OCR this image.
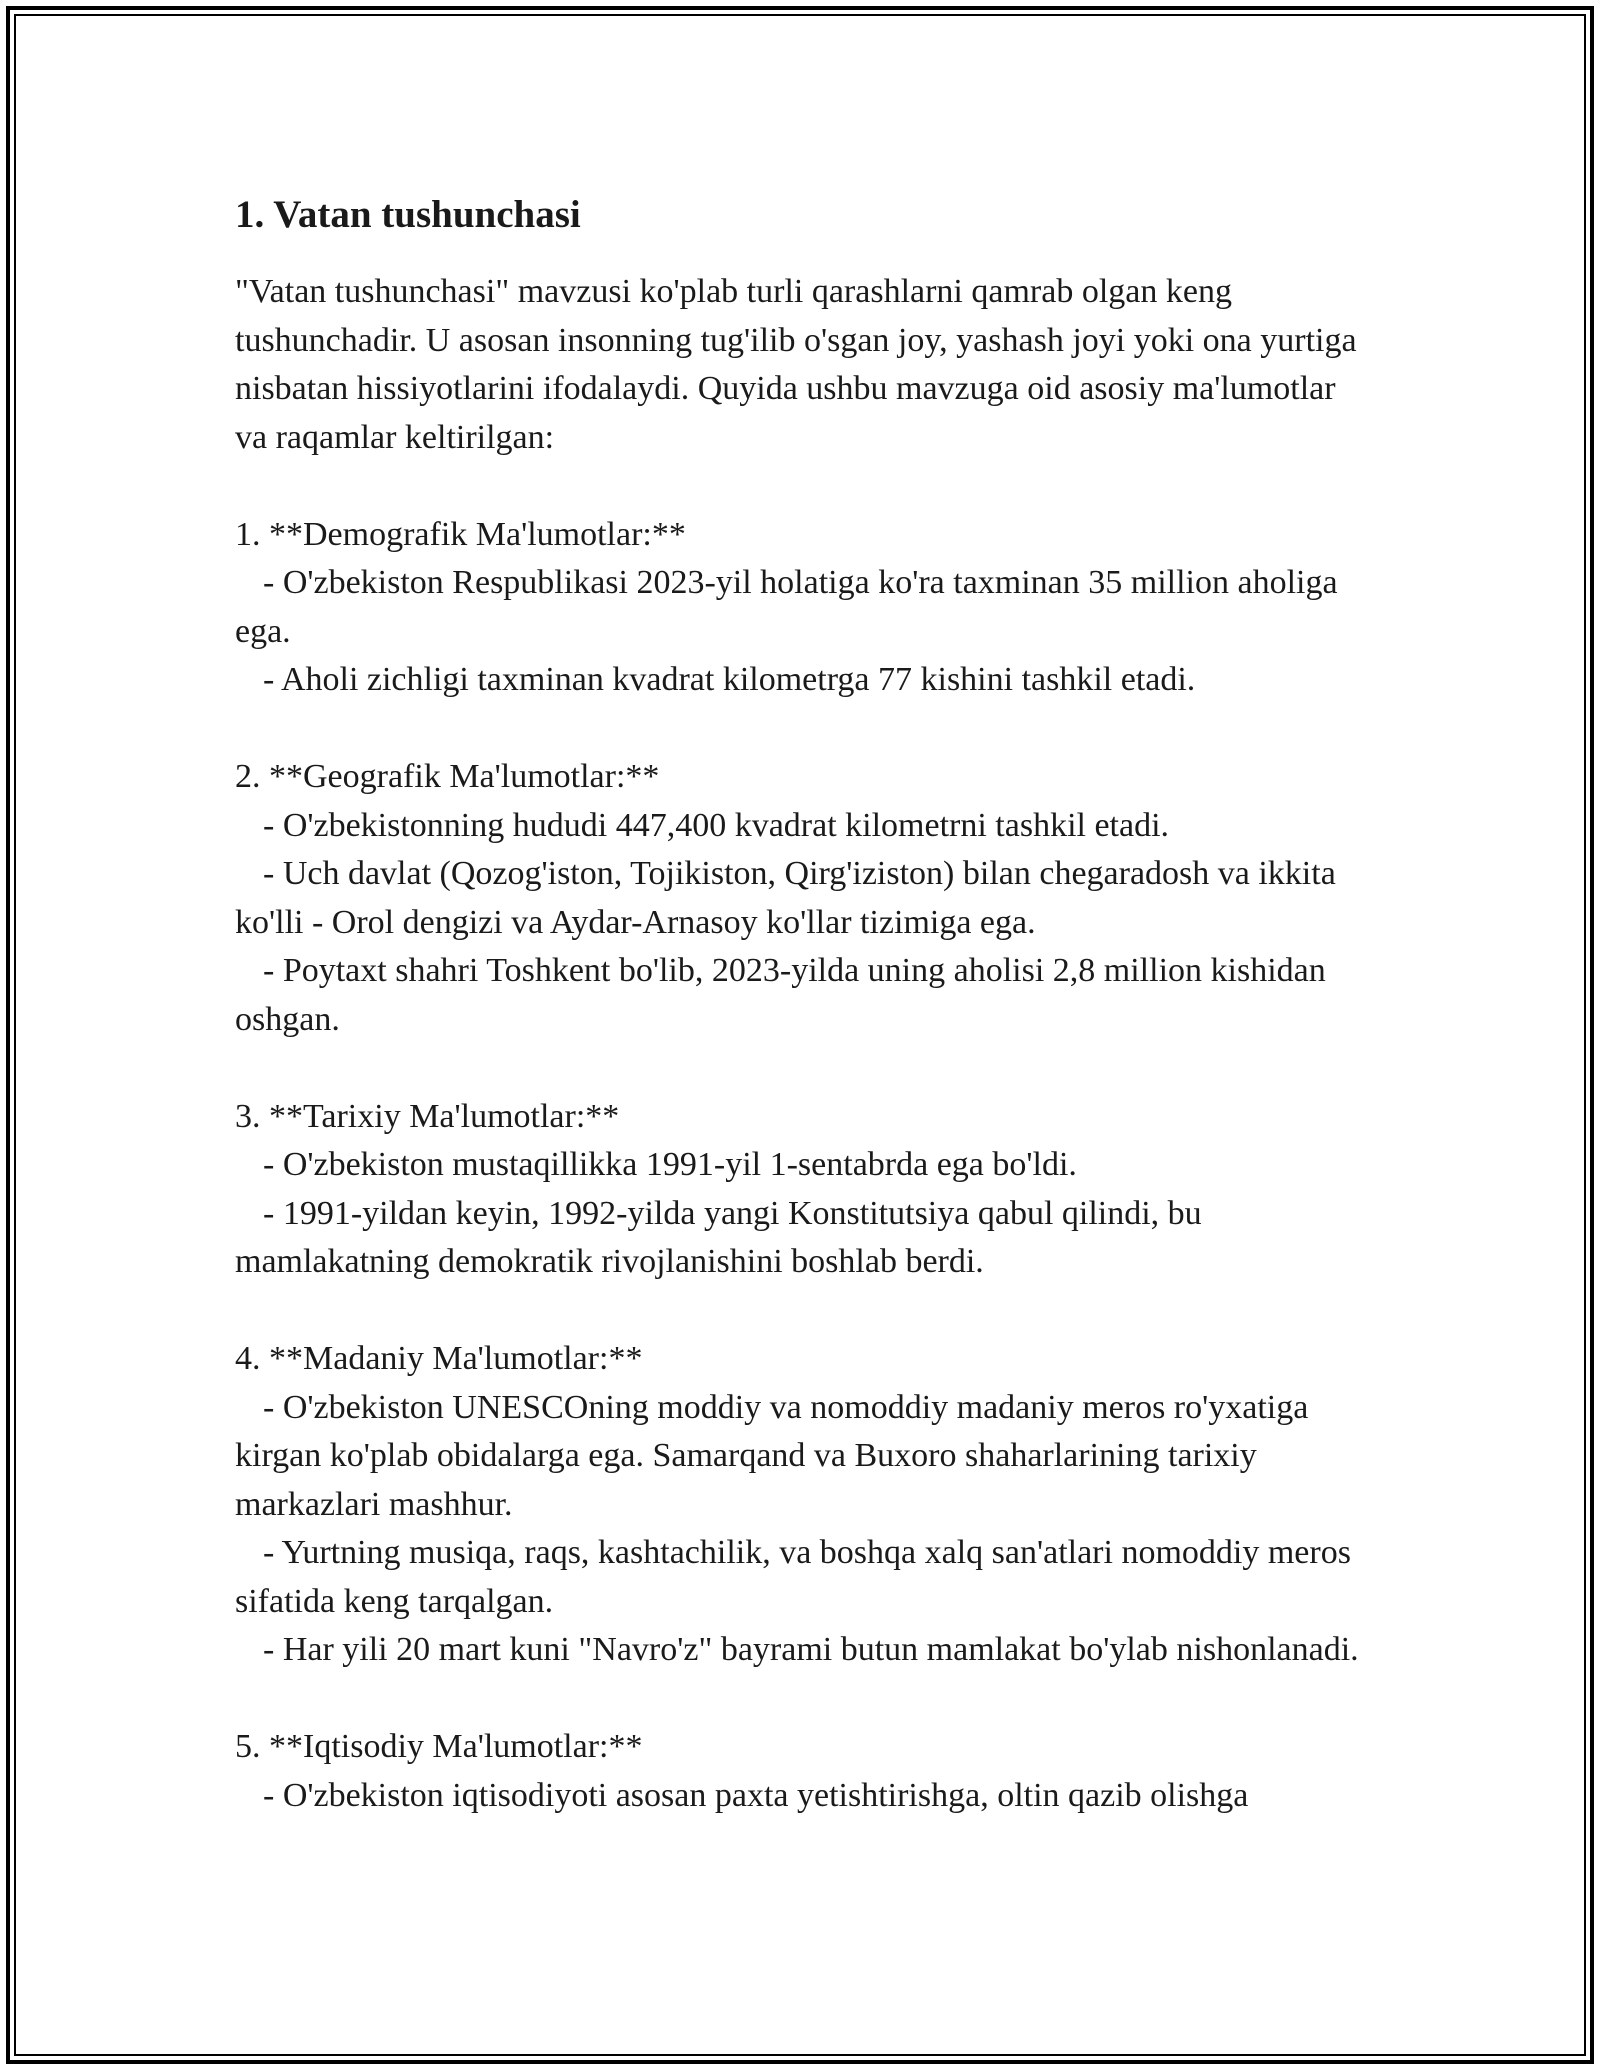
1. Vatan tushunchasi

"Vatan tushunchasi" mavzusi ko'plab turli qarashlarni qamrab olgan keng tushunchadir. U asosan insonning tug'ilib o'sgan joy, yashash joyi yoki ona yurtiga nisbatan hissiyotlarini ifodalaydi. Quyida ushbu mavzuga oid asosiy ma'lumotlar va raqamlar keltirilgan:

1. **Demografik Ma'lumotlar:**

- O'zbekiston Respublikasi 2023-yil holatiga ko'ra taxminan 35 million aholiga ega.

- Aholi zichligi taxminan kvadrat kilometrga 77 kishini tashkil etadi.

2. **Geografik Ma'lumotlar:**

- O'zbekistonning hududi 447,400 kvadrat kilometrni tashkil etadi.

- Uch davlat (Qozog'iston, Tojikiston, Qirg'iziston) bilan chegaradosh va ikkita ko'lli - Orol dengizi va Aydar-Arnasoy ko'llar tizimiga ega.

- Poytaxt shahri Toshkent bo'lib, 2023-yilda uning aholisi 2,8 million kishidan oshgan.

3. **Tarixiy Ma'lumotlar:**

- O'zbekiston mustaqillikka 1991-yil 1-sentabrda ega bo'ldi.

- 1991-yildan keyin, 1992-yilda yangi Konstitutsiya qabul qilindi, bu mamlakatning demokratik rivojlanishini boshlab berdi.

4. **Madaniy Ma'lumotlar:**

- O'zbekiston UNESCOning moddiy va nomoddiy madaniy meros ro'yxatiga kirgan ko'plab obidalarga ega. Samarqand va Buxoro shaharlarining tarixiy markazlari mashhur.

- Yurtning musiqa, raqs, kashtachilik, va boshqa xalq san'atlari nomoddiy meros sifatida keng tarqalgan.

- Har yili 20 mart kuni "Navro'z" bayrami butun mamlakat bo'ylab nishonlanadi.

5. **Iqtisodiy Ma'lumotlar:**

- O'zbekiston iqtisodiyoti asosan paxta yetishtirishga, oltin qazib olishga
